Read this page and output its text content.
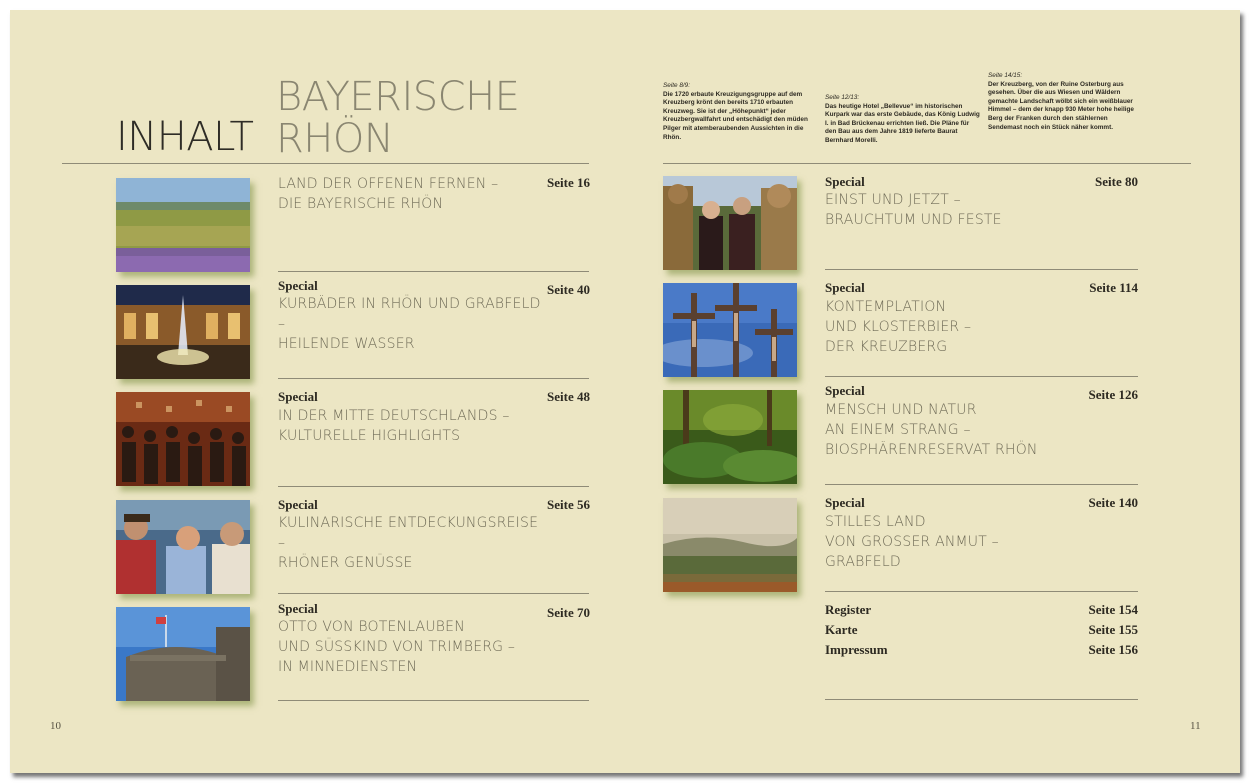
INHALT
BAYERISCHE
RHÖN
LAND DER OFFENEN FERNEN –
DIE BAYERISCHE RHÖN
Seite 16
Special
KURBÄDER IN RHÖN UND GRABFELD –
HEILENDE WASSER
Seite 40
Special
IN DER MITTE DEUTSCHLANDS –
KULTURELLE HIGHLIGHTS
Seite 48
Special
KULINARISCHE ENTDECKUNGSREISE –
RHÖNER GENÜSSE
Seite 56
Special
OTTO VON BOTENLAUBEN
UND SÜSSKIND VON TRIMBERG –
IN MINNEDIENSTEN
Seite 70
10
Seite 8/9:
Die 1720 erbaute Kreuzigungsgruppe auf dem Kreuzberg krönt den bereits 1710 erbauten Kreuzweg. Sie ist der „Höhepunkt“ jeder Kreuzbergwallfahrt und entschädigt den müden Pilger mit atemberaubenden Aussichten in die Rhön.
Seite 12/13:
Das heutige Hotel „Bellevue“ im historischen Kurpark war das erste Gebäude, das König Ludwig I. in Bad Brückenau errichten ließ. Die Pläne für den Bau aus dem Jahre 1819 lieferte Baurat Bernhard Morelli.
Seite 14/15:
Der Kreuzberg, von der Ruine Osterburg aus gesehen. Über die aus Wiesen und Wäldern gemachte Landschaft wölbt sich ein weißblauer Himmel – dem der knapp 930 Meter hohe heilige Berg der Franken durch den stählernen Sendemast noch ein Stück näher kommt.
Special
EINST UND JETZT –
BRAUCHTUM UND FESTE
Seite 80
Special
KONTEMPLATION
UND KLOSTERBIER –
DER KREUZBERG
Seite 114
Special
MENSCH UND NATUR
AN EINEM STRANG –
BIOSPHÄRENRESERVAT RHÖN
Seite 126
Special
STILLES LAND
VON GROSSER ANMUT –
GRABFELD
Seite 140
Register	Seite 154
Karte	Seite 155
Impressum	Seite 156
11
